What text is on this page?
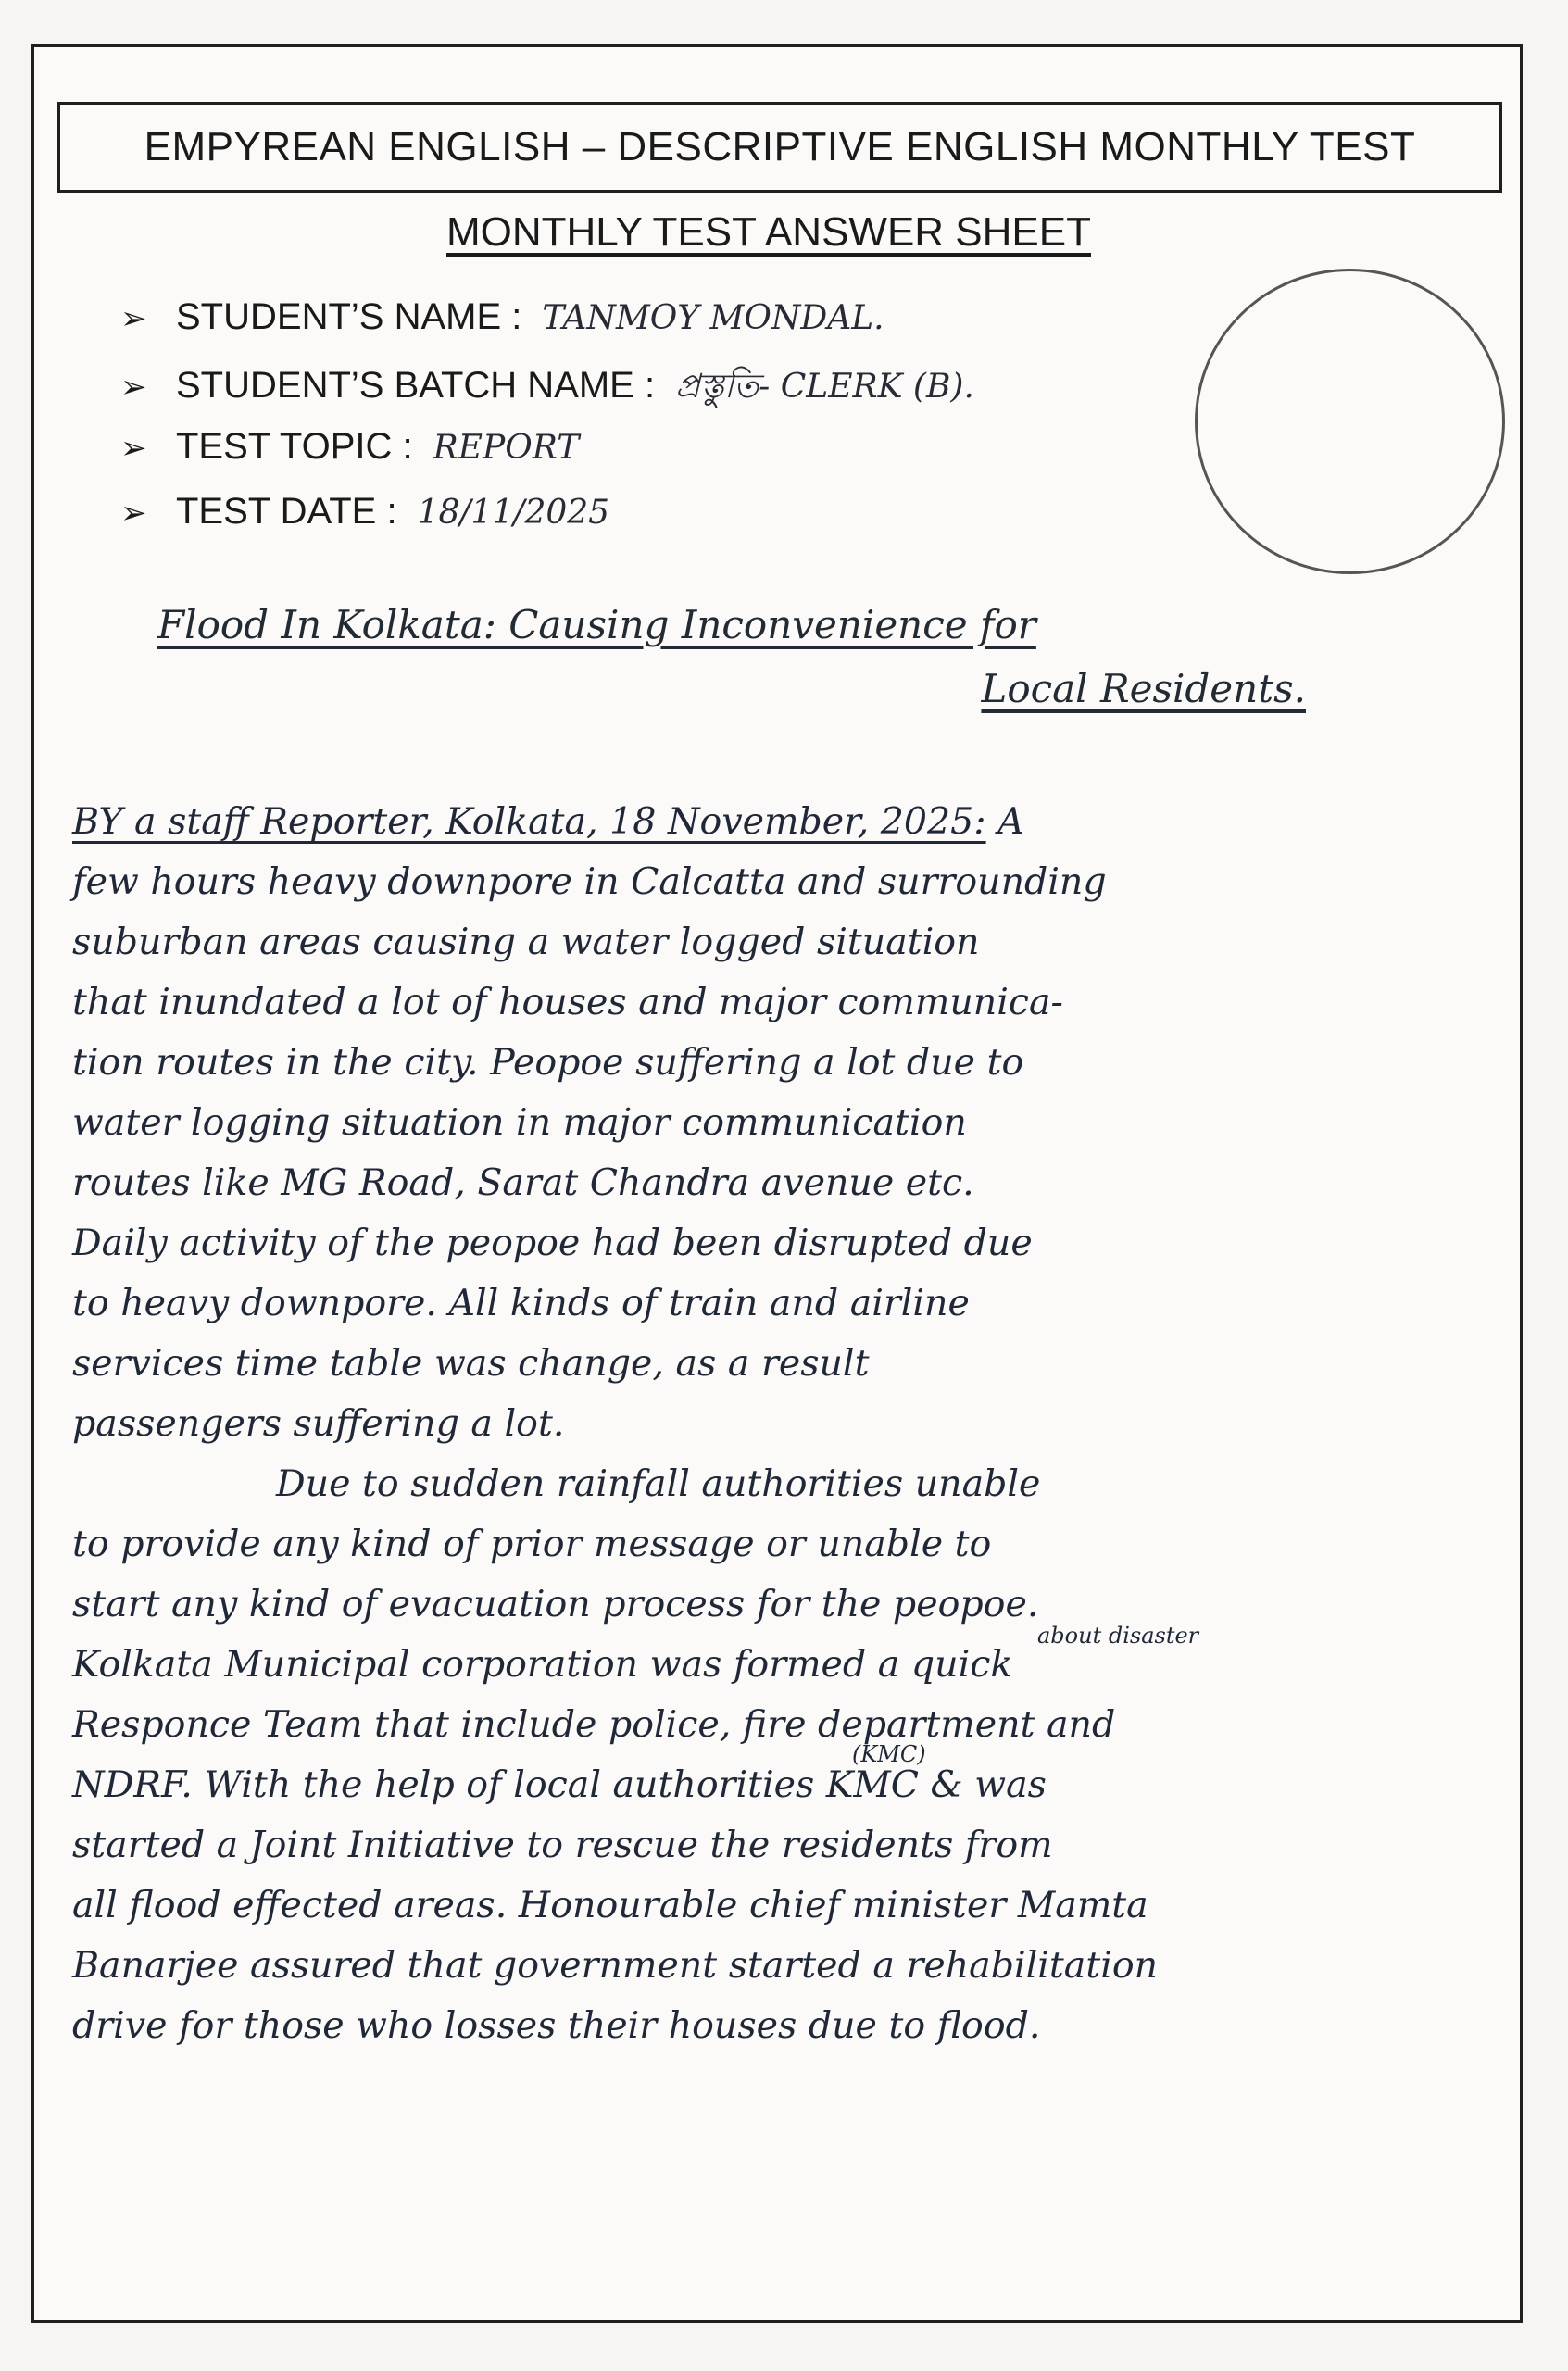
EMPYREAN ENGLISH – DESCRIPTIVE ENGLISH MONTHLY TEST
MONTHLY TEST ANSWER SHEET
➢ STUDENT’S NAME : TANMOY MONDAL.
➢ STUDENT’S BATCH NAME : প্রস্তুতি- CLERK (B).
➢ TEST TOPIC : REPORT
➢ TEST DATE : 18/11/2025
Flood In Kolkata: Causing Inconvenience for
Local Residents.
BY a staff Reporter, Kolkata, 18 November, 2025: A
few hours heavy downpore in Calcatta and surrounding
suburban areas causing a water logged situation
that inundated a lot of houses and major communica-
tion routes in the city. Peopoe suffering a lot due to
water logging situation in major communication
routes like MG Road, Sarat Chandra avenue etc.
Daily activity of the peopoe had been disrupted due
to heavy downpore. All kinds of train and airline
services time table was change, as a result
passengers suffering a lot.
Due to sudden rainfall authorities unable
to provide any kind of prior message or unable to
start any kind of evacuation process for the peopoe.
Kolkata Municipal corporation was formed a quick
Responce Team that include police, fire department and
NDRF. With the help of local authorities KMC & was
started a Joint Initiative to rescue the residents from
all flood effected areas. Honourable chief minister Mamta
Banarjee assured that government started a rehabilitation
drive for those who losses their houses due to flood.
about disaster
(KMC)
